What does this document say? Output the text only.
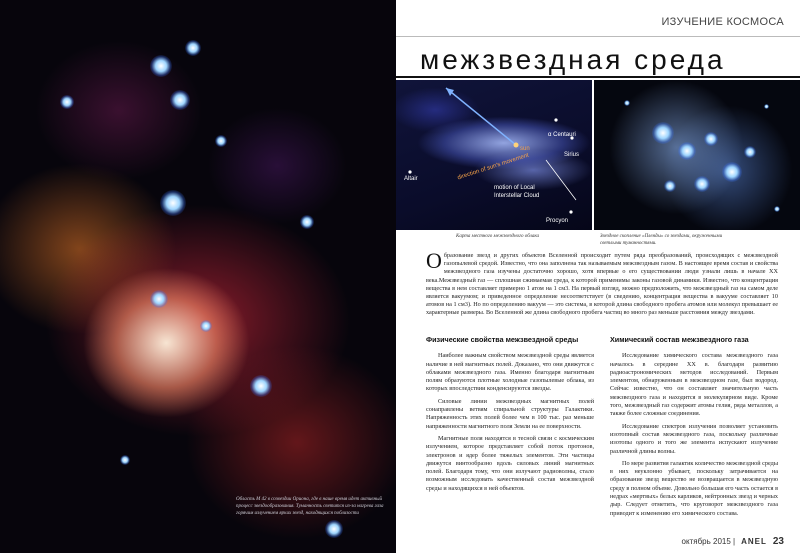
Область М 42 в созвездии Ориона, где в наше время идет активный процесс звездообразования. Туманность светится из-за нагрева газа горячим излучением ярких звезд, находящихся поблизости
ИЗУЧЕНИЕ КОСМОСА
межзвездная среда
α Centauri
Sirius
Altair
sun
direction of sun's movement
motion of Local Interstellar Cloud
Procyon
Карта местного межзвездного облака	Звездное скопление «Плеяды» со звездами, окруженными светлыми туманностями.
Образование звезд и других объектов Вселенной происходит путем ряда преобразований, происходящих с межзвездной газопылевой средой. Известно, что она заполнена так называемым межзвездным газом. В настоящее время состав и свойства межзвездного газа изучены достаточно хорошо, хотя впервые о его существовании люди узнали лишь в начале ХХ века.Межзвездный газ — сплошная сжимаемая среда, к которой применимы законы газовой динамики. Известно, что концентрация вещества в нем составляет примерно 1 атом на 1 см3. На первый взгляд, можно предположить, что межзвездный газ на самом деле является вакуумом; и приведенное определение несоответствует (в сведению, концентрация вещества в вакууме составляет 10 атомов на 1 см3). Но по определению вакуум — это система, в которой длина свободного пробега атомов или молекул превышает ее характерные размеры. Во Вселенной же длина свободного пробега частиц во много раз меньше расстояния между звездами.
Физические свойства межзвездной среды

Наиболее важным свойством межзвездной среды является наличие в ней магнитных полей. Доказано, что они движутся с облаками межзвездного газа. Именно благодаря магнитным полям образуются плотные холодные газопылевые облака, из которых впоследствии конденсируются звезды.

Силовые линии межзвездных магнитных полей сонаправлены ветвям спиральной структуры Галактики. Напряженность этих полей более чем в 100 тыс. раз меньше напряженности магнитного поля Земли на ее поверхности.

Магнитные поля находятся в тесной связи с космическим излучением, которое представляет собой поток протонов, электронов и ядер более тяжелых элементов. Эти частицы движутся винтообразно вдоль силовых линий магнитных полей. Благодаря тому, что они излучают радиоволны, стало возможным исследовать качественный состав межзвездной среды и находящихся в ней объектов.

Химический состав межзвездного газа

Исследование химического состава межзвездного газа началось в середине ХХ в. благодаря развитию радиоастрономических методов исследований. Первым элементом, обнаруженным в межзвездном газе, был водород. Сейчас известно, что он составляет значительную часть межзвездного газа и находится в молекулярном виде. Кроме того, межзвездный газ содержит атомы гелия, ряда металлов, а также более сложные соединения.

Исследование спектров излучения позволяет установить изотопный состав межзвездного газа, поскольку различные изотопы одного и того же элемента испускают излучение различной длины волны.

По мере развития галактик количество межзвездной среды в них неуклонно убывает, поскольку затрачивается на образование звезд вещество не возвращается в межзвездную среду в полном объеме. Довольно большая его часть остается в недрах «мертвых» белых карликов, нейтронных звезд и черных дыр. Следует отметить, что круговорот межзвездного газа приводит к изменению его химического состава.

октябрь 2015 | ANEL 23
